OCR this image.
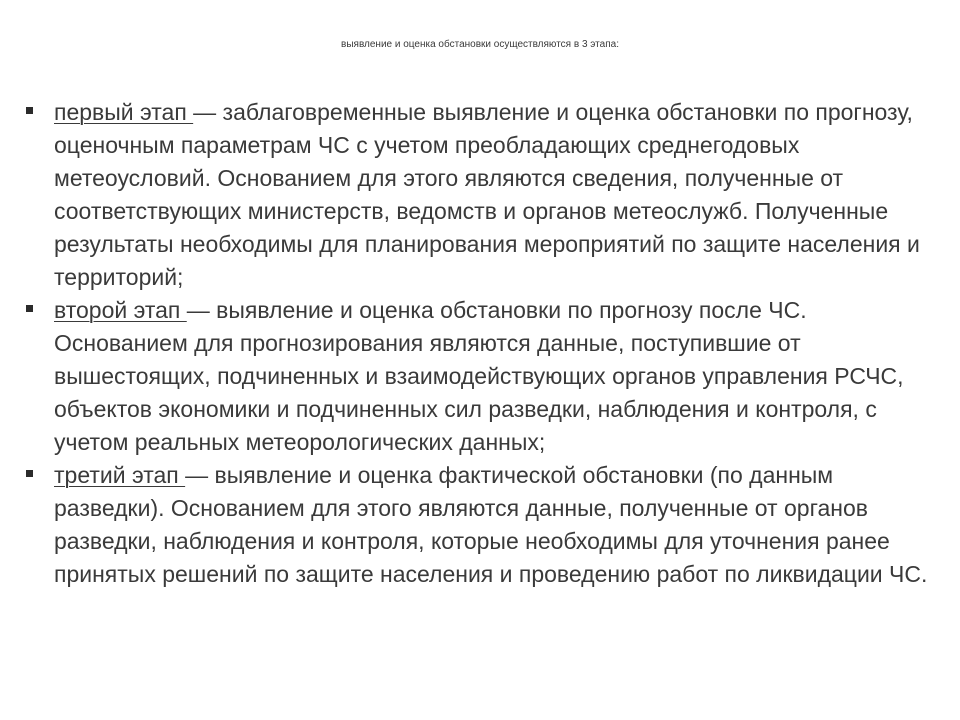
выявление и оценка обстановки осуществляются в 3 этапа:
первый этап — заблаговременные выявление и оценка обстановки по прогнозу, оценочным параметрам ЧС с учетом преобладающих среднегодовых метеоусловий. Основанием для этого являются сведения, полученные от соответствующих министерств, ведомств и органов метеослужб. Полученные результаты необходимы для планирования мероприятий по защите населения и территорий;
второй этап — выявление и оценка обстановки по прогнозу после ЧС. Основанием для прогнозирования являются данные, поступившие от вышестоящих, подчиненных и взаимодействующих органов управления РСЧС, объектов экономики и подчиненных сил разведки, наблюдения и контроля, с учетом реальных метеорологических данных;
третий этап — выявление и оценка фактической обстановки (по данным разведки). Основанием для этого являются данные, полученные от органов разведки, наблюдения и контроля, которые необходимы для уточнения ранее принятых решений по защите населения и проведению работ по ликвидации ЧС.
